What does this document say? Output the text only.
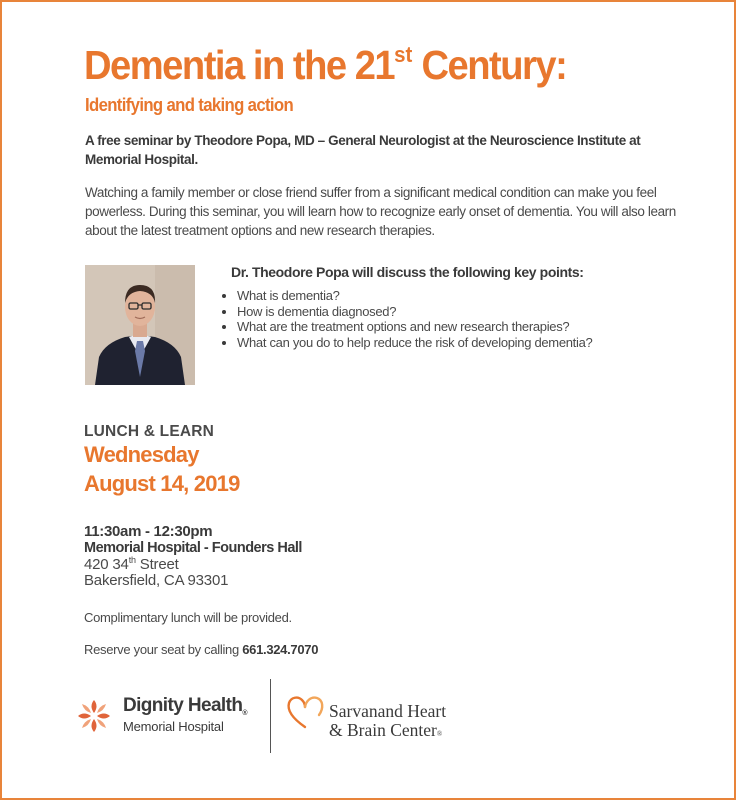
Dementia in the 21st Century:
Identifying and taking action

A free seminar by Theodore Popa, MD – General Neurologist at the Neuroscience Institute at Memorial Hospital.

Watching a family member or close friend suffer from a significant medical condition can make you feel powerless. During this seminar, you will learn how to recognize early onset of dementia. You will also learn about the latest treatment options and new research therapies.

Dr. Theodore Popa will discuss the following key points:
What is dementia?
How is dementia diagnosed?
What are the treatment options and new research therapies?
What can you do to help reduce the risk of developing dementia?
LUNCH & LEARN
Wednesday
August 14, 2019
11:30am - 12:30pm
Memorial Hospital - Founders Hall
420 34th Street
Bakersfield, CA 93301
Complimentary lunch will be provided.
Reserve your seat by calling 661.324.7070
Dignity Health®
Memorial Hospital
Sarvanand Heart
& Brain Center®
